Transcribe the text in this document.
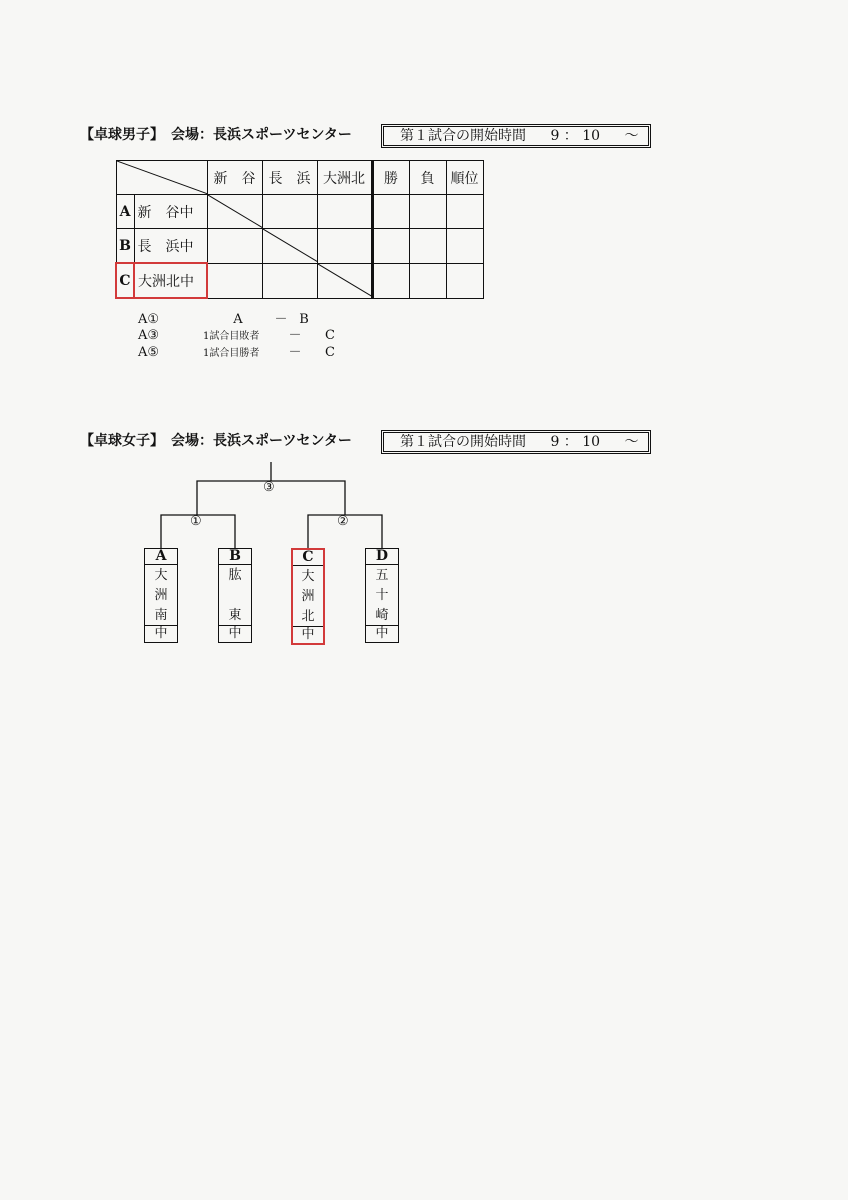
【卓球男子】　会場：長浜スポーツセンター	第１試合の開始時間 9 ： 10 ～
	新　谷	長　浜	大洲北	勝	負	順位
A	新　谷中	

B	長　浜中		

C	大洲北中			

A①	A	－ B
A③	1試合目敗者	－	C
A⑤	1試合目勝者	－	C
【卓球女子】　会場：長浜スポーツセンター	第１試合の開始時間 9 ： 10 ～
③
①	②
A
大
洲
南
中
B
肱
東
中
C
大
洲
北
中
D
五
十
崎
中
